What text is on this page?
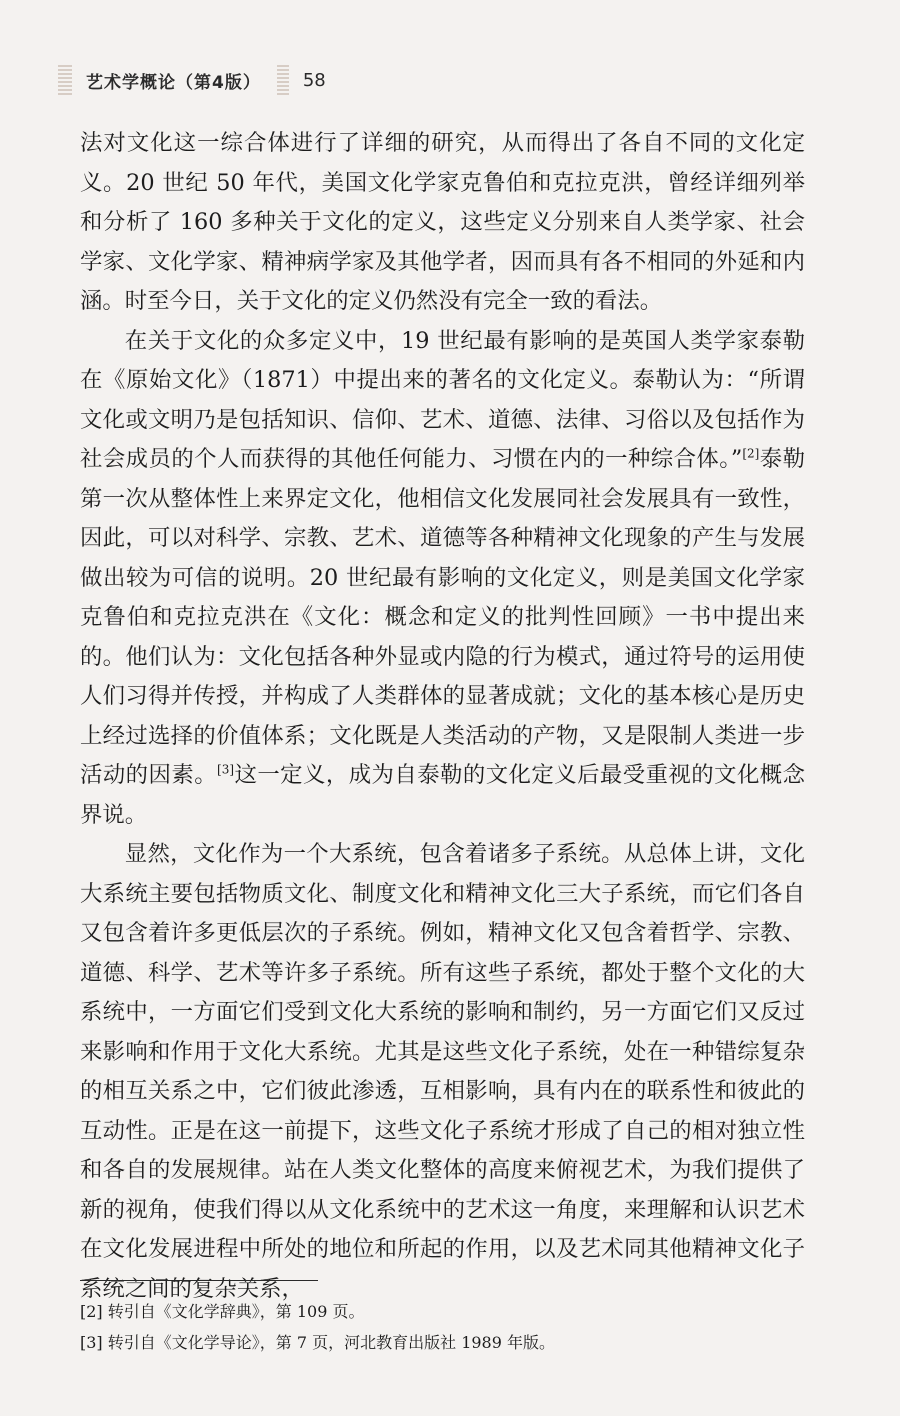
艺术学概论（第4版） 58

法对文化这一综合体进行了详细的研究，从而得出了各自不同的文化定义。20 世纪 50 年代，美国文化学家克鲁伯和克拉克洪，曾经详细列举和分析了 160 多种关于文化的定义，这些定义分别来自人类学家、社会学家、文化学家、精神病学家及其他学者，因而具有各不相同的外延和内涵。时至今日，关于文化的定义仍然没有完全一致的看法。

在关于文化的众多定义中，19 世纪最有影响的是英国人类学家泰勒在《原始文化》（1871）中提出来的著名的文化定义。泰勒认为：“所谓文化或文明乃是包括知识、信仰、艺术、道德、法律、习俗以及包括作为社会成员的个人而获得的其他任何能力、习惯在内的一种综合体。”[2]泰勒第一次从整体性上来界定文化，他相信文化发展同社会发展具有一致性，因此，可以对科学、宗教、艺术、道德等各种精神文化现象的产生与发展做出较为可信的说明。20 世纪最有影响的文化定义，则是美国文化学家克鲁伯和克拉克洪在《文化：概念和定义的批判性回顾》一书中提出来的。他们认为：文化包括各种外显或内隐的行为模式，通过符号的运用使人们习得并传授，并构成了人类群体的显著成就；文化的基本核心是历史上经过选择的价值体系；文化既是人类活动的产物，又是限制人类进一步活动的因素。[3]这一定义，成为自泰勒的文化定义后最受重视的文化概念界说。

显然，文化作为一个大系统，包含着诸多子系统。从总体上讲，文化大系统主要包括物质文化、制度文化和精神文化三大子系统，而它们各自又包含着许多更低层次的子系统。例如，精神文化又包含着哲学、宗教、道德、科学、艺术等许多子系统。所有这些子系统，都处于整个文化的大系统中，一方面它们受到文化大系统的影响和制约，另一方面它们又反过来影响和作用于文化大系统。尤其是这些文化子系统，处在一种错综复杂的相互关系之中，它们彼此渗透，互相影响，具有内在的联系性和彼此的互动性。正是在这一前提下，这些文化子系统才形成了自己的相对独立性和各自的发展规律。站在人类文化整体的高度来俯视艺术，为我们提供了新的视角，使我们得以从文化系统中的艺术这一角度，来理解和认识艺术在文化发展进程中所处的地位和所起的作用，以及艺术同其他精神文化子系统之间的复杂关系，

[2] 转引自《文化学辞典》，第 109 页。

[3] 转引自《文化学导论》，第 7 页，河北教育出版社 1989 年版。
